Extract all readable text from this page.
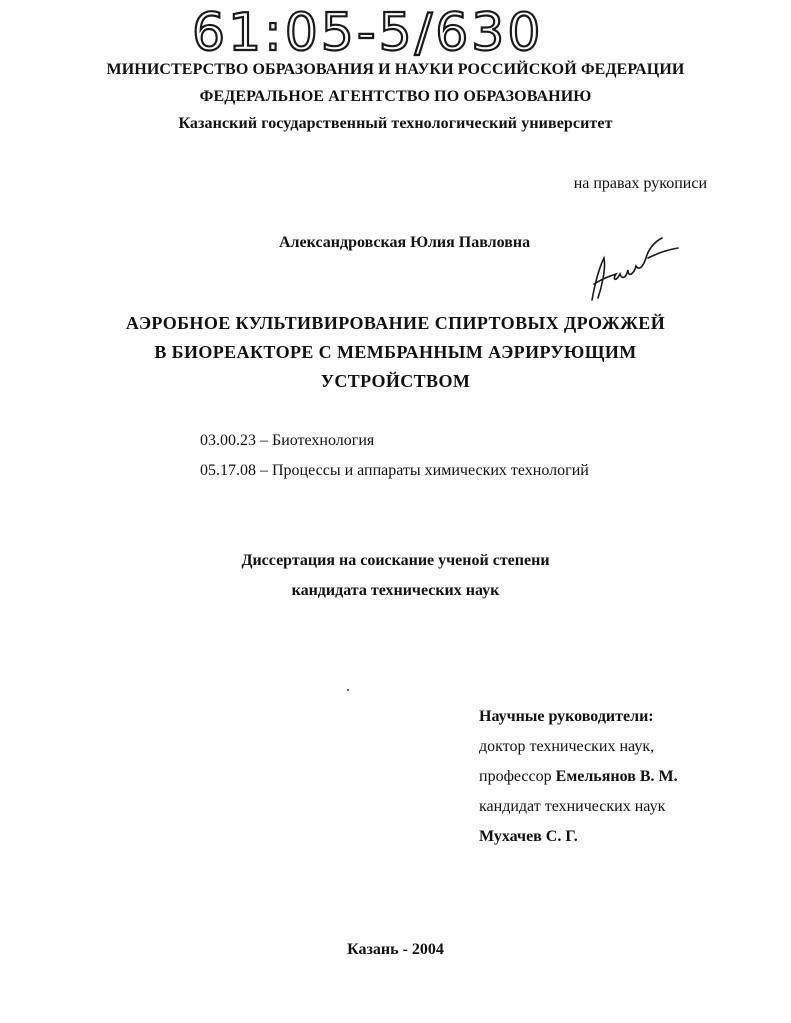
61:05-5/630
МИНИСТЕРСТВО ОБРАЗОВАНИЯ И НАУКИ РОССИЙСКОЙ ФЕДЕРАЦИИ
ФЕДЕРАЛЬНОЕ АГЕНТСТВО ПО ОБРАЗОВАНИЮ
Казанский государственный технологический университет
на правах рукописи
Александровская Юлия Павловна
АЭРОБНОЕ КУЛЬТИВИРОВАНИЕ СПИРТОВЫХ ДРОЖЖЕЙ
В БИОРЕАКТОРЕ С МЕМБРАННЫМ АЭРИРУЮЩИМ
УСТРОЙСТВОМ
03.00.23 – Биотехнология
05.17.08 – Процессы и аппараты химических технологий
Диссертация на соискание ученой степени
кандидата технических наук
Научные руководители:
доктор технических наук,
профессор Емельянов В. М.
кандидат технических наук
Мухачев С. Г.
Казань - 2004
